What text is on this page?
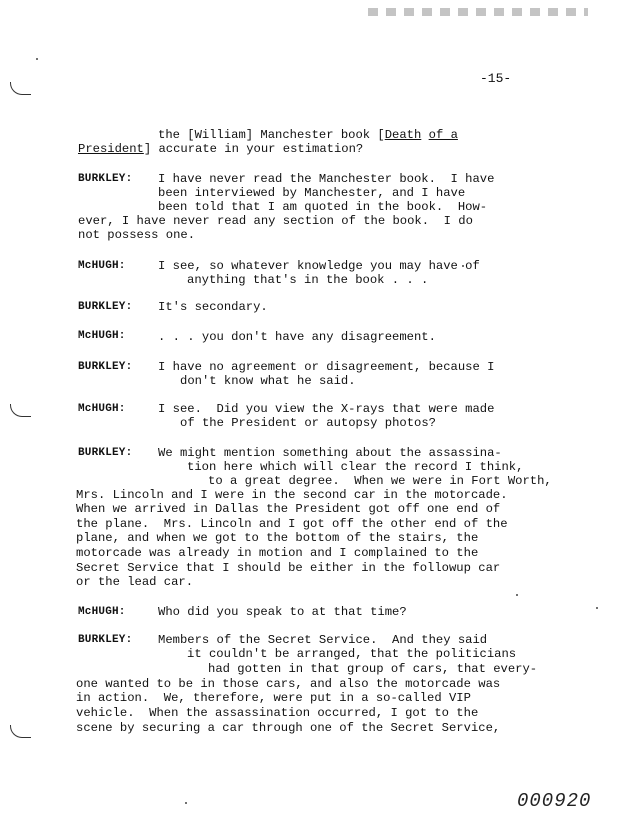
-15-
the [William] Manchester book [Death of a
President] accurate in your estimation?
BURKLEY: I have never read the Manchester book.  I have
been interviewed by Manchester, and I have
been told that I am quoted in the book.  How-
ever, I have never read any section of the book.  I do
not possess one.
McHUGH:	I see, so whatever knowledge you may have of
anything that's in the book . . .
BURKLEY: It's secondary.
McHUGH:	. . . you don't have any disagreement.
BURKLEY: I have no agreement or disagreement, because I
don't know what he said.
McHUGH:	I see.  Did you view the X-rays that were made
of the President or autopsy photos?
BURKLEY: We might mention something about the assassina-
tion here which will clear the record I think,
to a great degree.  When we were in Fort Worth,
Mrs. Lincoln and I were in the second car in the motorcade.
When we arrived in Dallas the President got off one end of
the plane.  Mrs. Lincoln and I got off the other end of the
plane, and when we got to the bottom of the stairs, the
motorcade was already in motion and I complained to the
Secret Service that I should be either in the followup car
or the lead car.
McHUGH:	Who did you speak to at that time?
BURKLEY: Members of the Secret Service.  And they said
it couldn't be arranged, that the politicians
had gotten in that group of cars, that every-
one wanted to be in those cars, and also the motorcade was
in action.  We, therefore, were put in a so-called VIP
vehicle.  When the assassination occurred, I got to the
scene by securing a car through one of the Secret Service,
000920
